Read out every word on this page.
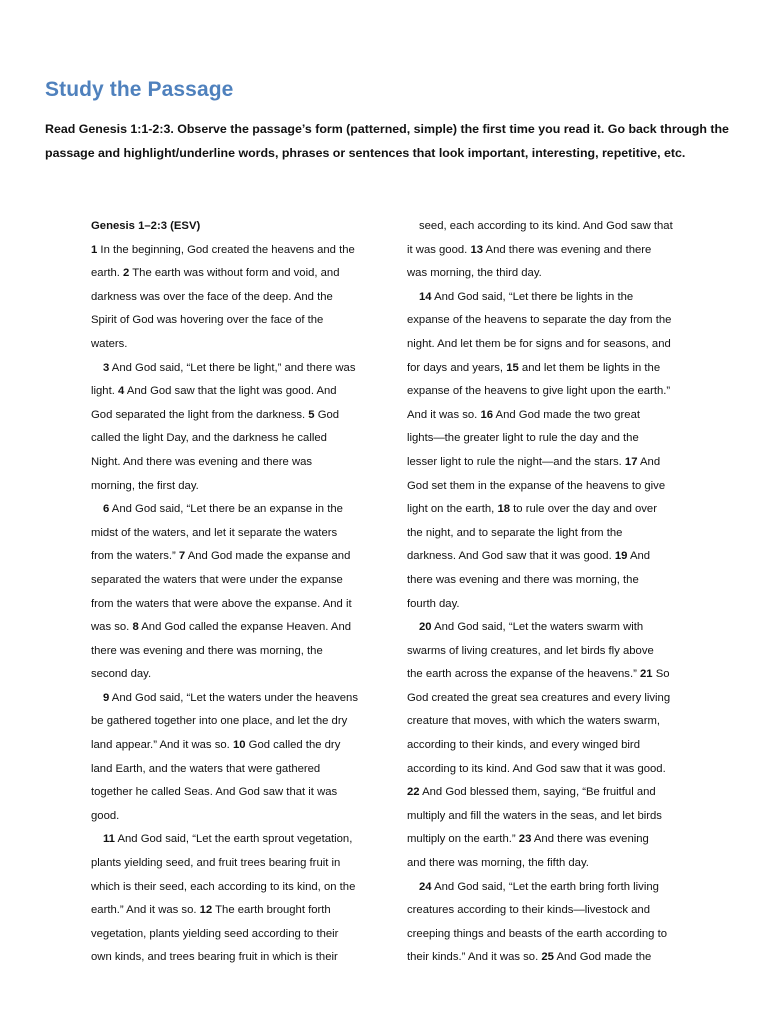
Study the Passage
Read Genesis 1:1-2:3. Observe the passage’s form (patterned, simple) the first time you read it. Go back through the
passage and highlight/underline words, phrases or sentences that look important, interesting, repetitive, etc.
Genesis 1–2:3 (ESV)
1 In the beginning, God created the heavens and the
earth. 2 The earth was without form and void, and
darkness was over the face of the deep. And the
Spirit of God was hovering over the face of the
waters.
3 And God said, “Let there be light,” and there was
light. 4 And God saw that the light was good. And
God separated the light from the darkness. 5 God
called the light Day, and the darkness he called
Night. And there was evening and there was
morning, the first day.
6 And God said, “Let there be an expanse in the
midst of the waters, and let it separate the waters
from the waters.” 7 And God made the expanse and
separated the waters that were under the expanse
from the waters that were above the expanse. And it
was so. 8 And God called the expanse Heaven. And
there was evening and there was morning, the
second day.
9 And God said, “Let the waters under the heavens
be gathered together into one place, and let the dry
land appear.” And it was so. 10 God called the dry
land Earth, and the waters that were gathered
together he called Seas. And God saw that it was
good.
11 And God said, “Let the earth sprout vegetation,
plants yielding seed, and fruit trees bearing fruit in
which is their seed, each according to its kind, on the
earth.” And it was so. 12 The earth brought forth
vegetation, plants yielding seed according to their
own kinds, and trees bearing fruit in which is their
seed, each according to its kind. And God saw that
it was good. 13 And there was evening and there
was morning, the third day.
14 And God said, “Let there be lights in the
expanse of the heavens to separate the day from the
night. And let them be for signs and for seasons, and
for days and years, 15 and let them be lights in the
expanse of the heavens to give light upon the earth.”
And it was so. 16 And God made the two great
lights—the greater light to rule the day and the
lesser light to rule the night—and the stars. 17 And
God set them in the expanse of the heavens to give
light on the earth, 18 to rule over the day and over
the night, and to separate the light from the
darkness. And God saw that it was good. 19 And
there was evening and there was morning, the
fourth day.
20 And God said, “Let the waters swarm with
swarms of living creatures, and let birds fly above
the earth across the expanse of the heavens.” 21 So
God created the great sea creatures and every living
creature that moves, with which the waters swarm,
according to their kinds, and every winged bird
according to its kind. And God saw that it was good.
22 And God blessed them, saying, “Be fruitful and
multiply and fill the waters in the seas, and let birds
multiply on the earth.” 23 And there was evening
and there was morning, the fifth day.
24 And God said, “Let the earth bring forth living
creatures according to their kinds—livestock and
creeping things and beasts of the earth according to
their kinds.” And it was so. 25 And God made the
